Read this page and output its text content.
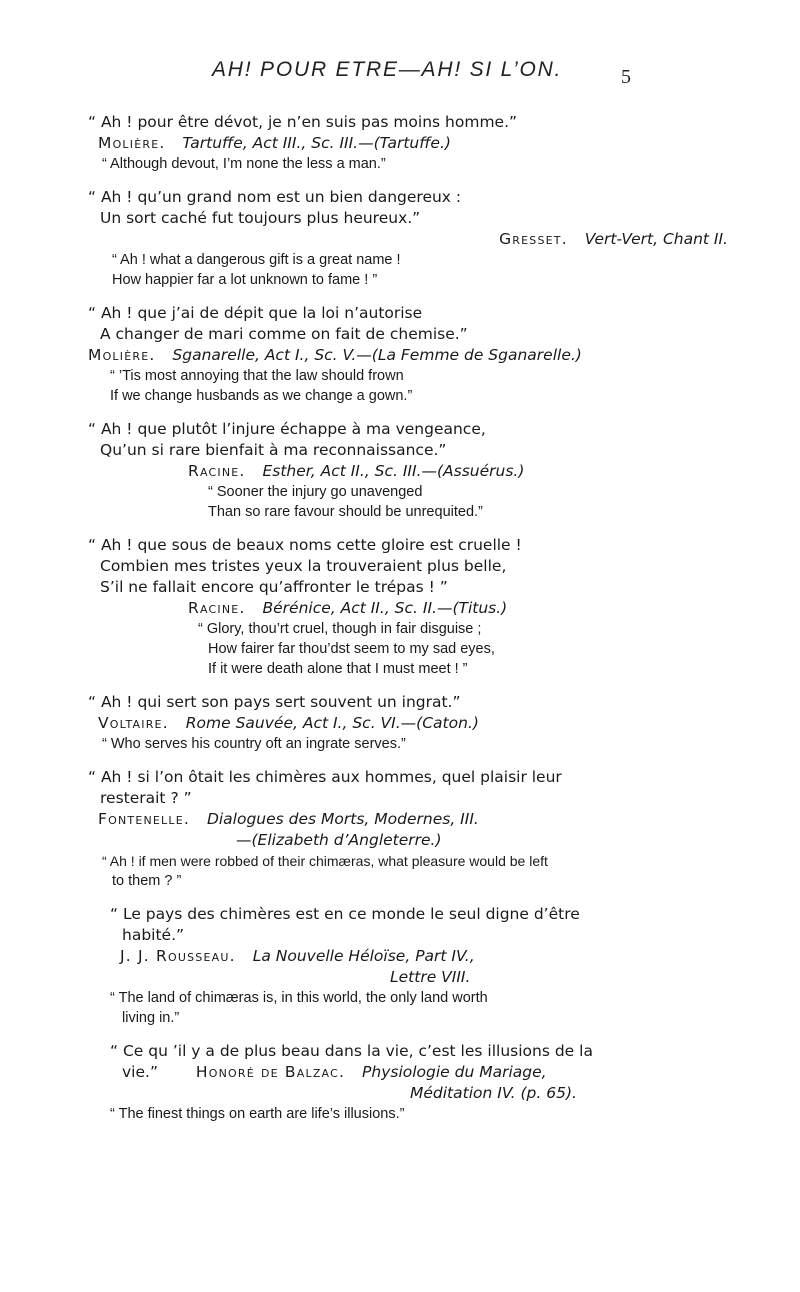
AH! POUR ETRE—AH! SI L’ON.	5
“ Ah ! pour être dévot, je n’en suis pas moins homme.”
Molière. Tartuffe, Act III., Sc. III.—(Tartuffe.)
“ Although devout, I’m none the less a man.”
“ Ah ! qu’un grand nom est un bien dangereux :
Un sort caché fut toujours plus heureux.”
Gresset. Vert-Vert, Chant II.
“ Ah ! what a dangerous gift is a great name !
How happier far a lot unknown to fame ! ”
“ Ah ! que j’ai de dépit que la loi n’autorise
A changer de mari comme on fait de chemise.”
Molière. Sganarelle, Act I., Sc. V.—(La Femme de Sganarelle.)
“ ’Tis most annoying that the law should frown
If we change husbands as we change a gown.”
“ Ah ! que plutôt l’injure échappe à ma vengeance,
Qu’un si rare bienfait à ma reconnaissance.”
Racine. Esther, Act II., Sc. III.—(Assuérus.)
“ Sooner the injury go unavenged
Than so rare favour should be unrequited.”
“ Ah ! que sous de beaux noms cette gloire est cruelle !
Combien mes tristes yeux la trouveraient plus belle,
S’il ne fallait encore qu’affronter le trépas ! ”
Racine. Bérénice, Act II., Sc. II.—(Titus.)
“ Glory, thou’rt cruel, though in fair disguise ;
How fairer far thou’dst seem to my sad eyes,
If it were death alone that I must meet ! ”
“ Ah ! qui sert son pays sert souvent un ingrat.”
Voltaire. Rome Sauvée, Act I., Sc. VI.—(Caton.)
“ Who serves his country oft an ingrate serves.”
“ Ah ! si l’on ôtait les chimères aux hommes, quel plaisir leur
resterait ? ”
Fontenelle. Dialogues des Morts, Modernes, III.
—(Elizabeth d’Angleterre.)
“ Ah ! if men were robbed of their chimæras, what pleasure would be left
to them ? ”
“ Le pays des chimères est en ce monde le seul digne d’être
habité.”
J. J. Rousseau. La Nouvelle Héloïse, Part IV.,
Lettre VIII.
“ The land of chimæras is, in this world, the only land worth
living in.”
“ Ce qu ’il y a de plus beau dans la vie, c’est les illusions de la
vie.” Honoré de Balzac. Physiologie du Mariage,
Méditation IV. (p. 65).
“ The finest things on earth are life’s illusions.”
